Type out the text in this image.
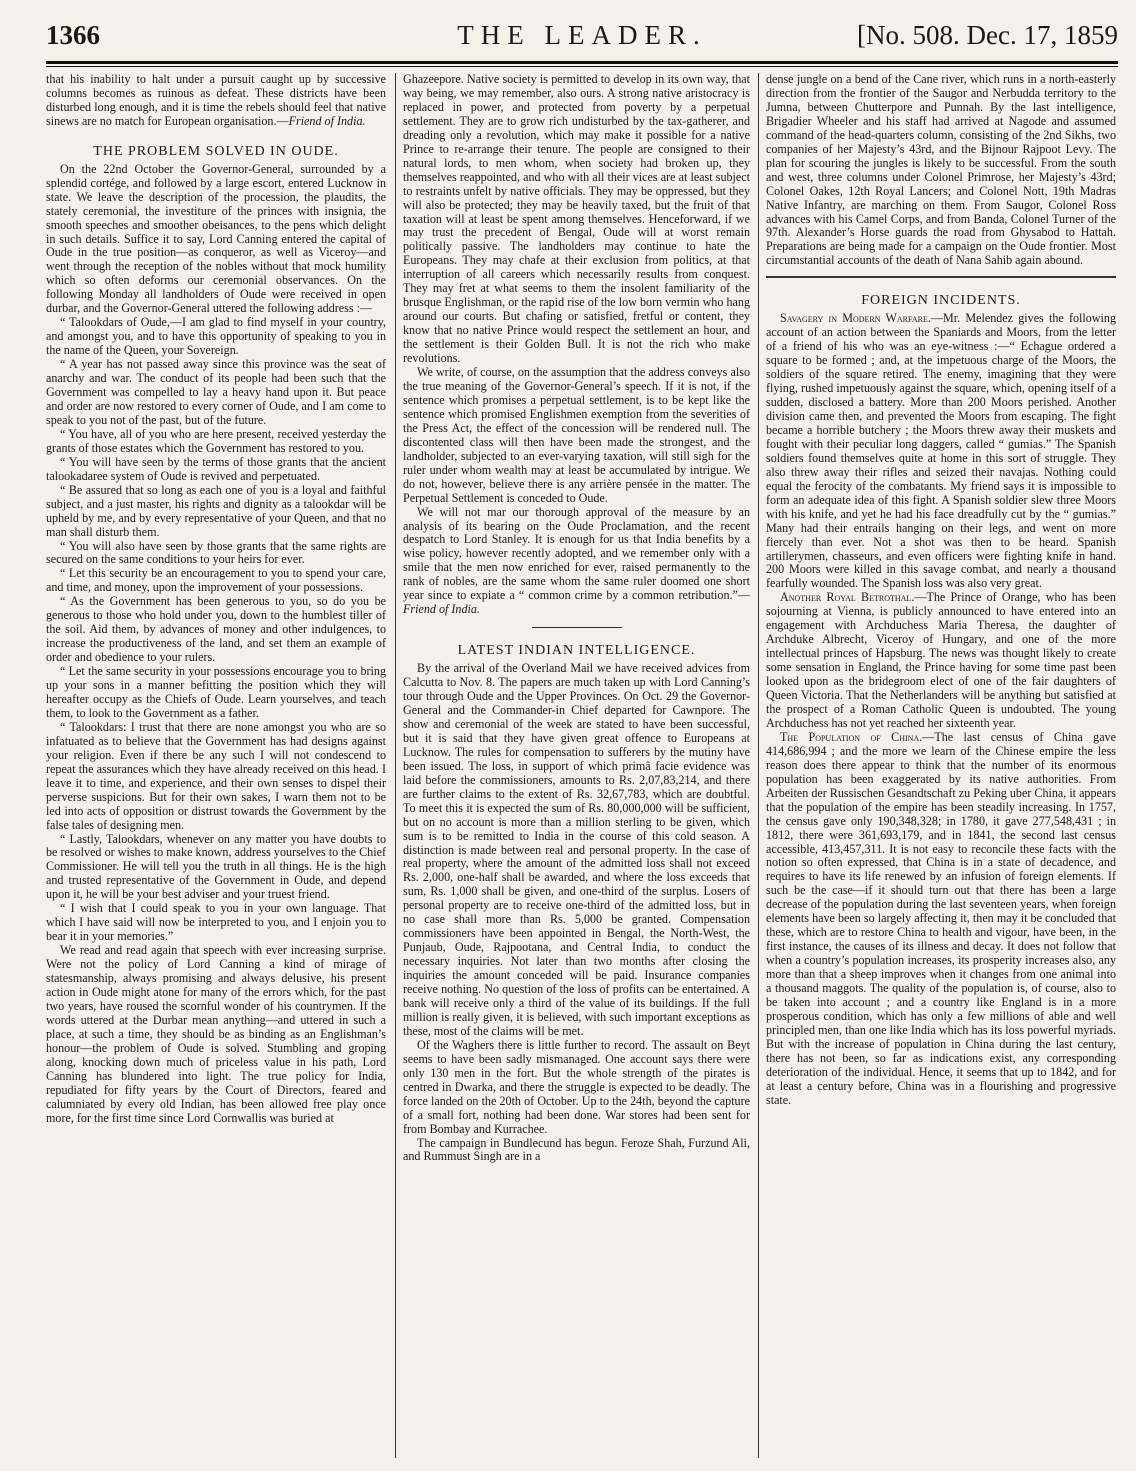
1366	THE LEADER.	[No. 508. Dec. 17, 1859

that his inability to halt under a pursuit caught up by successive columns becomes as ruinous as defeat. These districts have been disturbed long enough, and it is time the rebels should feel that native sinews are no match for European organisation.—Friend of India.

THE PROBLEM SOLVED IN OUDE.

On the 22nd October the Governor-General, surrounded by a splendid cortége, and followed by a large escort, entered Lucknow in state. We leave the description of the procession, the plaudits, the stately ceremonial, the investiture of the princes with insignia, the smooth speeches and smoother obeisances, to the pens which delight in such details. Suffice it to say, Lord Canning entered the capital of Oude in the true position—as conqueror, as well as Viceroy—and went through the reception of the nobles without that mock humility which so often deforms our ceremonial observances. On the following Monday all landholders of Oude were received in open durbar, and the Governor-General uttered the following address :—

“ Talookdars of Oude,—I am glad to find myself in your country, and amongst you, and to have this opportunity of speaking to you in the name of the Queen, your Sovereign.

“ A year has not passed away since this province was the seat of anarchy and war. The conduct of its people had been such that the Government was compelled to lay a heavy hand upon it. But peace and order are now restored to every corner of Oude, and I am come to speak to you not of the past, but of the future.

“ You have, all of you who are here present, received yesterday the grants of those estates which the Government has restored to you.

“ You will have seen by the terms of those grants that the ancient talookadaree system of Oude is revived and perpetuated.

“ Be assured that so long as each one of you is a loyal and faithful subject, and a just master, his rights and dignity as a talookdar will be upheld by me, and by every representative of your Queen, and that no man shall disturb them.

“ You will also have seen by those grants that the same rights are secured on the same conditions to your heirs for ever.

“ Let this security be an encouragement to you to spend your care, and time, and money, upon the improvement of your possessions.

“ As the Government has been generous to you, so do you be generous to those who hold under you, down to the humblest tiller of the soil. Aid them, by advances of money and other indulgences, to increase the productiveness of the land, and set them an example of order and obedience to your rulers.

“ Let the same security in your possessions encourage you to bring up your sons in a manner befitting the position which they will hereafter occupy as the Chiefs of Oude. Learn yourselves, and teach them, to look to the Government as a father.

“ Talookdars: I trust that there are none amongst you who are so infatuated as to believe that the Government has had designs against your religion. Even if there be any such I will not condescend to repeat the assurances which they have already received on this head. I leave it to time, and experience, and their own senses to dispel their perverse suspicions. But for their own sakes, I warn them not to be led into acts of opposition or distrust towards the Government by the false tales of designing men.

“ Lastly, Talookdars, whenever on any matter you have doubts to be resolved or wishes to make known, address yourselves to the Chief Commissioner. He will tell you the truth in all things. He is the high and trusted representative of the Government in Oude, and depend upon it, he will be your best adviser and your truest friend.

“ I wish that I could speak to you in your own language. That which I have said will now be interpreted to you, and I enjoin you to bear it in your memories.”

We read and read again that speech with ever increasing surprise. Were not the policy of Lord Canning a kind of mirage of statesmanship, always promising and always delusive, his present action in Oude might atone for many of the errors which, for the past two years, have roused the scornful wonder of his countrymen. If the words uttered at the Durbar mean anything—and uttered in such a place, at such a time, they should be as binding as an Englishman’s honour—the problem of Oude is solved. Stumbling and groping along, knocking down much of priceless value in his path, Lord Canning has blundered into light. The true policy for India, repudiated for fifty years by the Court of Directors, feared and calumniated by every old Indian, has been allowed free play once more, for the first time since Lord Cornwallis was buried at

Ghazeepore. Native society is permitted to develop in its own way, that way being, we may remember, also ours. A strong native aristocracy is replaced in power, and protected from poverty by a perpetual settlement. They are to grow rich undisturbed by the tax-gatherer, and dreading only a revolution, which may make it possible for a native Prince to re-arrange their tenure. The people are consigned to their natural lords, to men whom, when society had broken up, they themselves reappointed, and who with all their vices are at least subject to restraints unfelt by native officials. They may be oppressed, but they will also be protected; they may be heavily taxed, but the fruit of that taxation will at least be spent among themselves. Henceforward, if we may trust the precedent of Bengal, Oude will at worst remain politically passive. The landholders may continue to hate the Europeans. They may chafe at their exclusion from politics, at that interruption of all careers which necessarily results from conquest. They may fret at what seems to them the insolent familiarity of the brusque Englishman, or the rapid rise of the low born vermin who hang around our courts. But chafing or satisfied, fretful or content, they know that no native Prince would respect the settlement an hour, and the settlement is their Golden Bull. It is not the rich who make revolutions.

We write, of course, on the assumption that the address conveys also the true meaning of the Governor-General’s speech. If it is not, if the sentence which promises a perpetual settlement, is to be kept like the sentence which promised Englishmen exemption from the severities of the Press Act, the effect of the concession will be rendered null. The discontented class will then have been made the strongest, and the landholder, subjected to an ever-varying taxation, will still sigh for the ruler under whom wealth may at least be accumulated by intrigue. We do not, however, believe there is any arrière pensée in the matter. The Perpetual Settlement is conceded to Oude.

We will not mar our thorough approval of the measure by an analysis of its bearing on the Oude Proclamation, and the recent despatch to Lord Stanley. It is enough for us that India benefits by a wise policy, however recently adopted, and we remember only with a smile that the men now enriched for ever, raised permanently to the rank of nobles, are the same whom the same ruler doomed one short year since to expiate a “ common crime by a common retribution.”—Friend of India.

LATEST INDIAN INTELLIGENCE.

By the arrival of the Overland Mail we have received advices from Calcutta to Nov. 8. The papers are much taken up with Lord Canning’s tour through Oude and the Upper Provinces. On Oct. 29 the Governor-General and the Commander-in Chief departed for Cawnpore. The show and ceremonial of the week are stated to have been successful, but it is said that they have given great offence to Europeans at Lucknow. The rules for compensation to sufferers by the mutiny have been issued. The loss, in support of which primâ facie evidence was laid before the commissioners, amounts to Rs. 2,07,83,214, and there are further claims to the extent of Rs. 32,67,783, which are doubtful. To meet this it is expected the sum of Rs. 80,000,000 will be sufficient, but on no account is more than a million sterling to be given, which sum is to be remitted to India in the course of this cold season. A distinction is made between real and personal property. In the case of real property, where the amount of the admitted loss shall not exceed Rs. 2,000, one-half shall be awarded, and where the loss exceeds that sum, Rs. 1,000 shall be given, and one-third of the surplus. Losers of personal property are to receive one-third of the admitted loss, but in no case shall more than Rs. 5,000 be granted. Compensation commissioners have been appointed in Bengal, the North-West, the Punjaub, Oude, Rajpootana, and Central India, to conduct the necessary inquiries. Not later than two months after closing the inquiries the amount conceded will be paid. Insurance companies receive nothing. No question of the loss of profits can be entertained. A bank will receive only a third of the value of its buildings. If the full million is really given, it is believed, with such important exceptions as these, most of the claims will be met.

Of the Waghers there is little further to record. The assault on Beyt seems to have been sadly mismanaged. One account says there were only 130 men in the fort. But the whole strength of the pirates is centred in Dwarka, and there the struggle is expected to be deadly. The force landed on the 20th of October. Up to the 24th, beyond the capture of a small fort, nothing had been done. War stores had been sent for from Bombay and Kurrachee.

The campaign in Bundlecund has begun. Feroze Shah, Furzund Ali, and Rummust Singh are in a

dense jungle on a bend of the Cane river, which runs in a north-easterly direction from the frontier of the Saugor and Nerbudda territory to the Jumna, between Chutterpore and Punnah. By the last intelligence, Brigadier Wheeler and his staff had arrived at Nagode and assumed command of the head-quarters column, consisting of the 2nd Sikhs, two companies of her Majesty’s 43rd, and the Bijnour Rajpoot Levy. The plan for scouring the jungles is likely to be successful. From the south and west, three columns under Colonel Primrose, her Majesty’s 43rd; Colonel Oakes, 12th Royal Lancers; and Colonel Nott, 19th Madras Native Infantry, are marching on them. From Saugor, Colonel Ross advances with his Camel Corps, and from Banda, Colonel Turner of the 97th. Alexander’s Horse guards the road from Ghysabod to Hattah. Preparations are being made for a campaign on the Oude frontier. Most circumstantial accounts of the death of Nana Sahib again abound.

FOREIGN INCIDENTS.

Savagery in Modern Warfare.—Mr. Melendez gives the following account of an action between the Spaniards and Moors, from the letter of a friend of his who was an eye-witness :—“ Echague ordered a square to be formed ; and, at the impetuous charge of the Moors, the soldiers of the square retired. The enemy, imagining that they were flying, rushed impetuously against the square, which, opening itself of a sudden, disclosed a battery. More than 200 Moors perished. Another division came then, and prevented the Moors from escaping. The fight became a horrible butchery ; the Moors threw away their muskets and fought with their peculiar long daggers, called “ gumias.” The Spanish soldiers found themselves quite at home in this sort of struggle. They also threw away their rifles and seized their navajas. Nothing could equal the ferocity of the combatants. My friend says it is impossible to form an adequate idea of this fight. A Spanish soldier slew three Moors with his knife, and yet he had his face dreadfully cut by the “ gumias.” Many had their entrails hanging on their legs, and went on more fiercely than ever. Not a shot was then to be heard. Spanish artillerymen, chasseurs, and even officers were fighting knife in hand. 200 Moors were killed in this savage combat, and nearly a thousand fearfully wounded. The Spanish loss was also very great.

Another Royal Betrothal.—The Prince of Orange, who has been sojourning at Vienna, is publicly announced to have entered into an engagement with Archduchess Maria Theresa, the daughter of Archduke Albrecht, Viceroy of Hungary, and one of the more intellectual princes of Hapsburg. The news was thought likely to create some sensation in England, the Prince having for some time past been looked upon as the bridegroom elect of one of the fair daughters of Queen Victoria. That the Netherlanders will be anything but satisfied at the prospect of a Roman Catholic Queen is undoubted. The young Archduchess has not yet reached her sixteenth year.

The Population of China.—The last census of China gave 414,686,994 ; and the more we learn of the Chinese empire the less reason does there appear to think that the number of its enormous population has been exaggerated by its native authorities. From Arbeiten der Russischen Gesandtschaft zu Peking uber China, it appears that the population of the empire has been steadily increasing. In 1757, the census gave only 190,348,328; in 1780, it gave 277,548,431 ; in 1812, there were 361,693,179, and in 1841, the second last census accessible, 413,457,311. It is not easy to reconcile these facts with the notion so often expressed, that China is in a state of decadence, and requires to have its life renewed by an infusion of foreign elements. If such be the case—if it should turn out that there has been a large decrease of the population during the last seventeen years, when foreign elements have been so largely affecting it, then may it be concluded that these, which are to restore China to health and vigour, have been, in the first instance, the causes of its illness and decay. It does not follow that when a country’s population increases, its prosperity increases also, any more than that a sheep improves when it changes from one animal into a thousand maggots. The quality of the population is, of course, also to be taken into account ; and a country like England is in a more prosperous condition, which has only a few millions of able and well principled men, than one like India which has its loss powerful myriads. But with the increase of population in China during the last century, there has not been, so far as indications exist, any corresponding deterioration of the individual. Hence, it seems that up to 1842, and for at least a century before, China was in a flourishing and progressive state.
